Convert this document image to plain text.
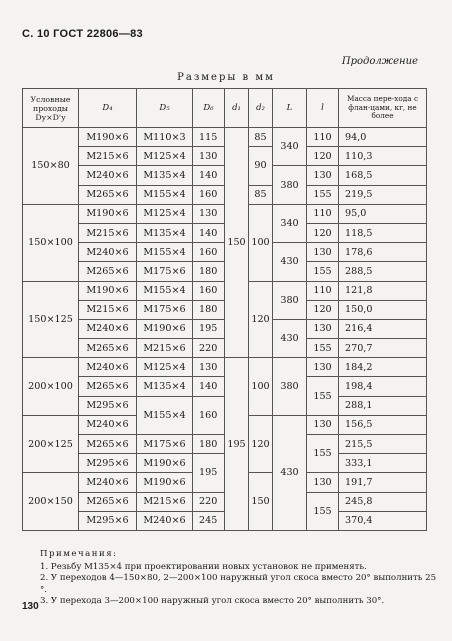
С. 10 ГОСТ 22806—83
Продолжение
Размеры в мм
Условные проходы Dу×D'у	D₄	D₅	D₆	d₁	d₂	L	l	Масса пере-хода с флан-цами, кг, не более
150×80	М190×6	М110×3	115	150	85	340	110	94,0
	М215×6	М125×4	130		90		120	110,3
	М240×6	М135×4	140			380	130	168,5
	М265×6	М155×4	160		85		155	219,5
150×100	М190×6	М125×4	130		100	340	110	95,0
	М215×6	М135×4	140				120	118,5
	М240×6	М155×4	160			430	130	178,6
	М265×6	М175×6	180				155	288,5
150×125	М190×6	М155×4	160		120	380	110	121,8
	М215×6	М175×6	180				120	150,0
	М240×6	М190×6	195			430	130	216,4
	М265×6	М215×6	220				155	270,7
200×100	М240×6	М125×4	130	195	100	380	130	184,2
	М265×6	М135×4	140				155	198,4
	М295×6	М155×4	160					288,1
200×125	М240×6				120	430	130	156,5
	М265×6	М175×6	180				155	215,5
	М295×6	М190×6	195					333,1
200×150	М240×6	М190×6			150		130	191,7
	М265×6	М215×6	220				155	245,8
	М295×6	М240×6	245					370,4
Примечания:

1. Резьбу М135×4 при проектировании новых установок не применять.

2. У переходов 4—150×80, 2—200×100 наружный угол скоса вместо 20° выполнить 25 °.

3. У перехода 3—200×100 наружный угол скоса вместо 20° выполнить 30°.

130
